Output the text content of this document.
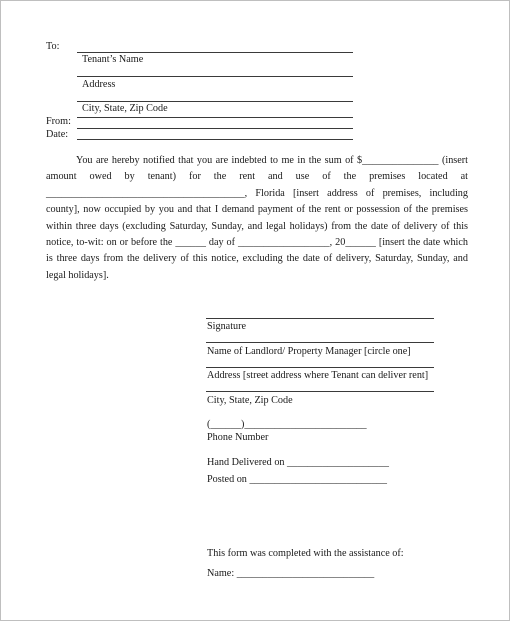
To:
Tenant’s Name
Address
City, State, Zip Code
From:
Date:
You are hereby notified that you are indebted to me in the sum of $_______________ (insert amount owed by tenant) for the rent and use of the premises located at _______________________________________, Florida [insert address of premises, including county], now occupied by you and that I demand payment of the rent or possession of the premises within three days (excluding Saturday, Sunday, and legal holidays) from the date of delivery of this notice, to-wit: on or before the ______ day of __________________, 20______ [insert the date which is three days from the delivery of this notice, excluding the date of delivery, Saturday, Sunday, and legal holidays].
Signature
Name of Landlord/ Property Manager [circle one]
Address [street address where Tenant can deliver rent]
City, State, Zip Code
(______)________________________
Phone Number
Hand Delivered on ____________________
Posted on ___________________________
This form was completed with the assistance of:
Name: ___________________________
